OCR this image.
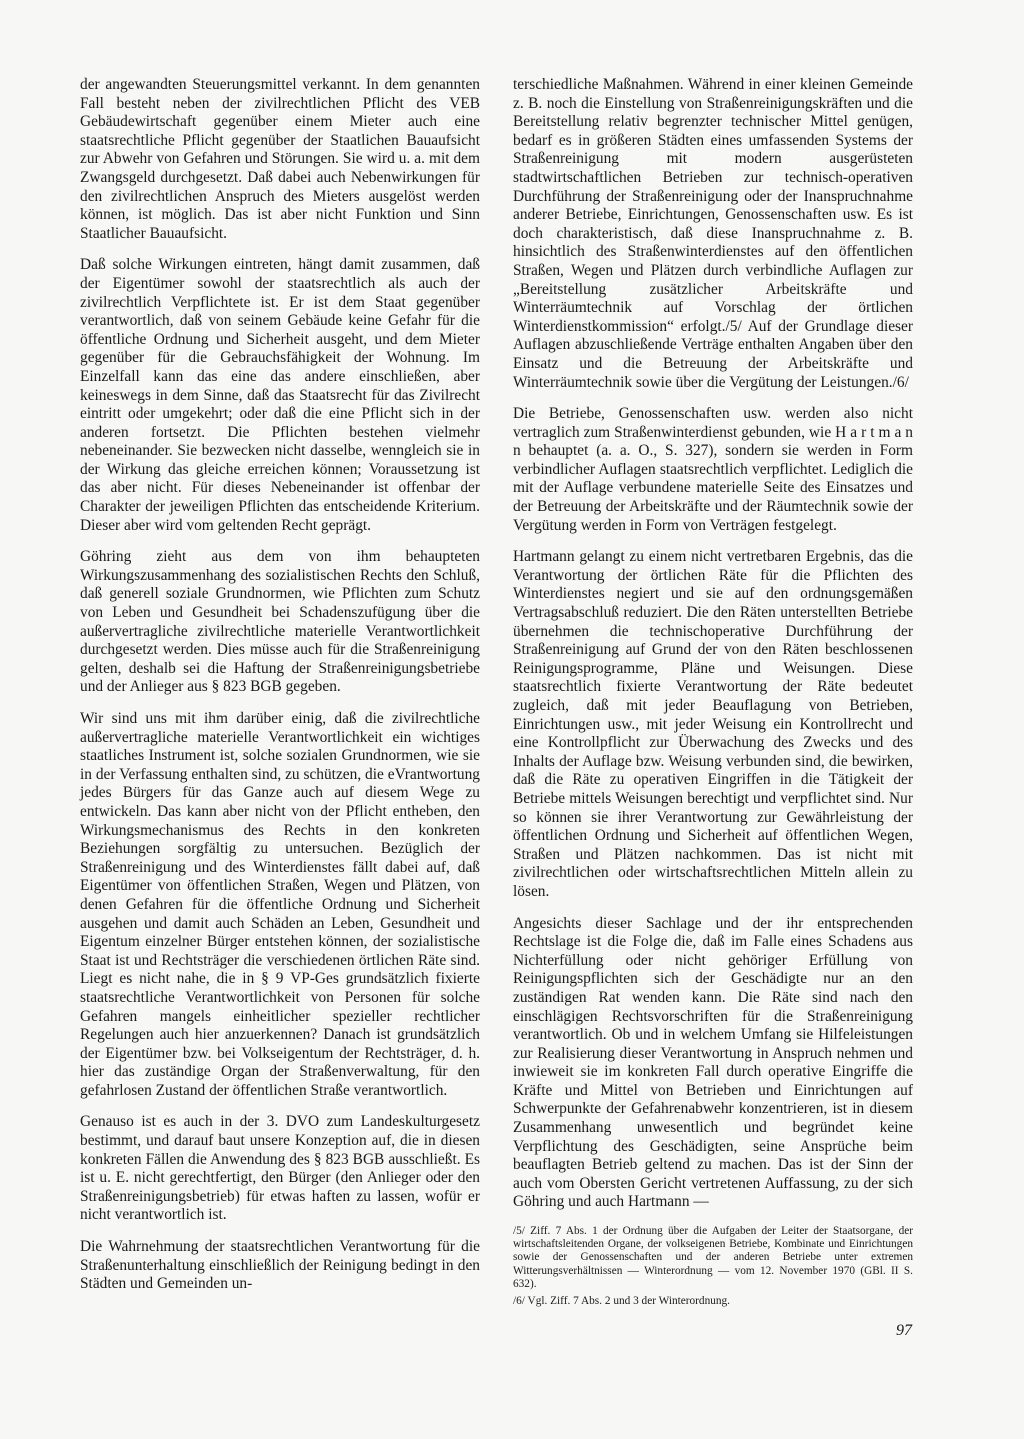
der angewandten Steuerungsmittel verkannt. In dem genannten Fall besteht neben der zivilrechtlichen Pflicht des VEB Gebäudewirtschaft gegenüber einem Mieter auch eine staatsrechtliche Pflicht gegenüber der Staatlichen Bauaufsicht zur Abwehr von Gefahren und Störungen. Sie wird u. a. mit dem Zwangsgeld durchgesetzt. Daß dabei auch Nebenwirkungen für den zivilrechtlichen Anspruch des Mieters ausgelöst werden können, ist möglich. Das ist aber nicht Funktion und Sinn Staatlicher Bauaufsicht.

Daß solche Wirkungen eintreten, hängt damit zusammen, daß der Eigentümer sowohl der staatsrechtlich als auch der zivilrechtlich Verpflichtete ist. Er ist dem Staat gegenüber verantwortlich, daß von seinem Gebäude keine Gefahr für die öffentliche Ordnung und Sicherheit ausgeht, und dem Mieter gegenüber für die Gebrauchsfähigkeit der Wohnung. Im Einzelfall kann das eine das andere einschließen, aber keineswegs in dem Sinne, daß das Staatsrecht für das Zivilrecht eintritt oder umgekehrt; oder daß die eine Pflicht sich in der anderen fortsetzt. Die Pflichten bestehen vielmehr nebeneinander. Sie bezwecken nicht dasselbe, wenngleich sie in der Wirkung das gleiche erreichen können; Voraussetzung ist das aber nicht. Für dieses Nebeneinander ist offenbar der Charakter der jeweiligen Pflichten das entscheidende Kriterium. Dieser aber wird vom geltenden Recht geprägt.

Göhring zieht aus dem von ihm behaupteten Wirkungszusammenhang des sozialistischen Rechts den Schluß, daß generell soziale Grundnormen, wie Pflichten zum Schutz von Leben und Gesundheit bei Schadenszufügung über die außervertragliche zivilrechtliche materielle Verantwortlichkeit durchgesetzt werden. Dies müsse auch für die Straßenreinigung gelten, deshalb sei die Haftung der Straßenreinigungsbetriebe und der Anlieger aus § 823 BGB gegeben.

Wir sind uns mit ihm darüber einig, daß die zivilrechtliche außervertragliche materielle Verantwortlichkeit ein wichtiges staatliches Instrument ist, solche sozialen Grundnormen, wie sie in der Verfassung enthalten sind, zu schützen, die eVrantwortung jedes Bürgers für das Ganze auch auf diesem Wege zu entwickeln. Das kann aber nicht von der Pflicht entheben, den Wirkungsmechanismus des Rechts in den konkreten Beziehungen sorgfältig zu untersuchen. Bezüglich der Straßenreinigung und des Winterdienstes fällt dabei auf, daß Eigentümer von öffentlichen Straßen, Wegen und Plätzen, von denen Gefahren für die öffentliche Ordnung und Sicherheit ausgehen und damit auch Schäden an Leben, Gesundheit und Eigentum einzelner Bürger entstehen können, der sozialistische Staat ist und Rechtsträger die verschiedenen örtlichen Räte sind. Liegt es nicht nahe, die in § 9 VP-Ges grundsätzlich fixierte staatsrechtliche Verantwortlichkeit von Personen für solche Gefahren mangels einheitlicher spezieller rechtlicher Regelungen auch hier anzuerkennen? Danach ist grundsätzlich der Eigentümer bzw. bei Volkseigentum der Rechtsträger, d. h. hier das zuständige Organ der Straßenverwaltung, für den gefahrlosen Zustand der öffentlichen Straße verantwortlich.

Genauso ist es auch in der 3. DVO zum Landeskulturgesetz bestimmt, und darauf baut unsere Konzeption auf, die in diesen konkreten Fällen die Anwendung des § 823 BGB ausschließt. Es ist u. E. nicht gerechtfertigt, den Bürger (den Anlieger oder den Straßenreinigungsbetrieb) für etwas haften zu lassen, wofür er nicht verantwortlich ist.

Die Wahrnehmung der staatsrechtlichen Verantwortung für die Straßenunterhaltung einschließlich der Reinigung bedingt in den Städten und Gemeinden un-

terschiedliche Maßnahmen. Während in einer kleinen Gemeinde z. B. noch die Einstellung von Straßenreinigungskräften und die Bereitstellung relativ begrenzter technischer Mittel genügen, bedarf es in größeren Städten eines umfassenden Systems der Straßenreinigung mit modern ausgerüsteten stadtwirtschaftlichen Betrieben zur technisch-operativen Durchführung der Straßenreinigung oder der Inanspruchnahme anderer Betriebe, Einrichtungen, Genossenschaften usw. Es ist doch charakteristisch, daß diese Inanspruchnahme z. B. hinsichtlich des Straßenwinterdienstes auf den öffentlichen Straßen, Wegen und Plätzen durch verbindliche Auflagen zur „Bereitstellung zusätzlicher Arbeitskräfte und Winterräumtechnik auf Vorschlag der örtlichen Winterdienstkommission“ erfolgt./5/ Auf der Grundlage dieser Auflagen abzuschließende Verträge enthalten Angaben über den Einsatz und die Betreuung der Arbeitskräfte und Winterräumtechnik sowie über die Vergütung der Leistungen./6/

Die Betriebe, Genossenschaften usw. werden also nicht vertraglich zum Straßenwinterdienst gebunden, wie H a r t m a n n behauptet (a. a. O., S. 327), sondern sie werden in Form verbindlicher Auflagen staatsrechtlich verpflichtet. Lediglich die mit der Auflage verbundene materielle Seite des Einsatzes und der Betreuung der Arbeitskräfte und der Räumtechnik sowie der Vergütung werden in Form von Verträgen festgelegt.

Hartmann gelangt zu einem nicht vertretbaren Ergebnis, das die Verantwortung der örtlichen Räte für die Pflichten des Winterdienstes negiert und sie auf den ordnungsgemäßen Vertragsabschluß reduziert. Die den Räten unterstellten Betriebe übernehmen die technischoperative Durchführung der Straßenreinigung auf Grund der von den Räten beschlossenen Reinigungsprogramme, Pläne und Weisungen. Diese staatsrechtlich fixierte Verantwortung der Räte bedeutet zugleich, daß mit jeder Beauflagung von Betrieben, Einrichtungen usw., mit jeder Weisung ein Kontrollrecht und eine Kontrollpflicht zur Überwachung des Zwecks und des Inhalts der Auflage bzw. Weisung verbunden sind, die bewirken, daß die Räte zu operativen Eingriffen in die Tätigkeit der Betriebe mittels Weisungen berechtigt und verpflichtet sind. Nur so können sie ihrer Verantwortung zur Gewährleistung der öffentlichen Ordnung und Sicherheit auf öffentlichen Wegen, Straßen und Plätzen nachkommen. Das ist nicht mit zivilrechtlichen oder wirtschaftsrechtlichen Mitteln allein zu lösen.

Angesichts dieser Sachlage und der ihr entsprechenden Rechtslage ist die Folge die, daß im Falle eines Schadens aus Nichterfüllung oder nicht gehöriger Erfüllung von Reinigungspflichten sich der Geschädigte nur an den zuständigen Rat wenden kann. Die Räte sind nach den einschlägigen Rechtsvorschriften für die Straßenreinigung verantwortlich. Ob und in welchem Umfang sie Hilfeleistungen zur Realisierung dieser Verantwortung in Anspruch nehmen und inwieweit sie im konkreten Fall durch operative Eingriffe die Kräfte und Mittel von Betrieben und Einrichtungen auf Schwerpunkte der Gefahrenabwehr konzentrieren, ist in diesem Zusammenhang unwesentlich und begründet keine Verpflichtung des Geschädigten, seine Ansprüche beim beauflagten Betrieb geltend zu machen. Das ist der Sinn der auch vom Obersten Gericht vertretenen Auffassung, zu der sich Göhring und auch Hartmann —

/5/ Ziff. 7 Abs. 1 der Ordnung über die Aufgaben der Leiter der Staatsorgane, der wirtschaftsleitenden Organe, der volkseigenen Betriebe, Kombinate und Einrichtungen sowie der Genossenschaften und der anderen Betriebe unter extremen Witterungsverhältnissen — Winterordnung — vom 12. November 1970 (GBl. II S. 632).

/6/ Vgl. Ziff. 7 Abs. 2 und 3 der Winterordnung.

97
